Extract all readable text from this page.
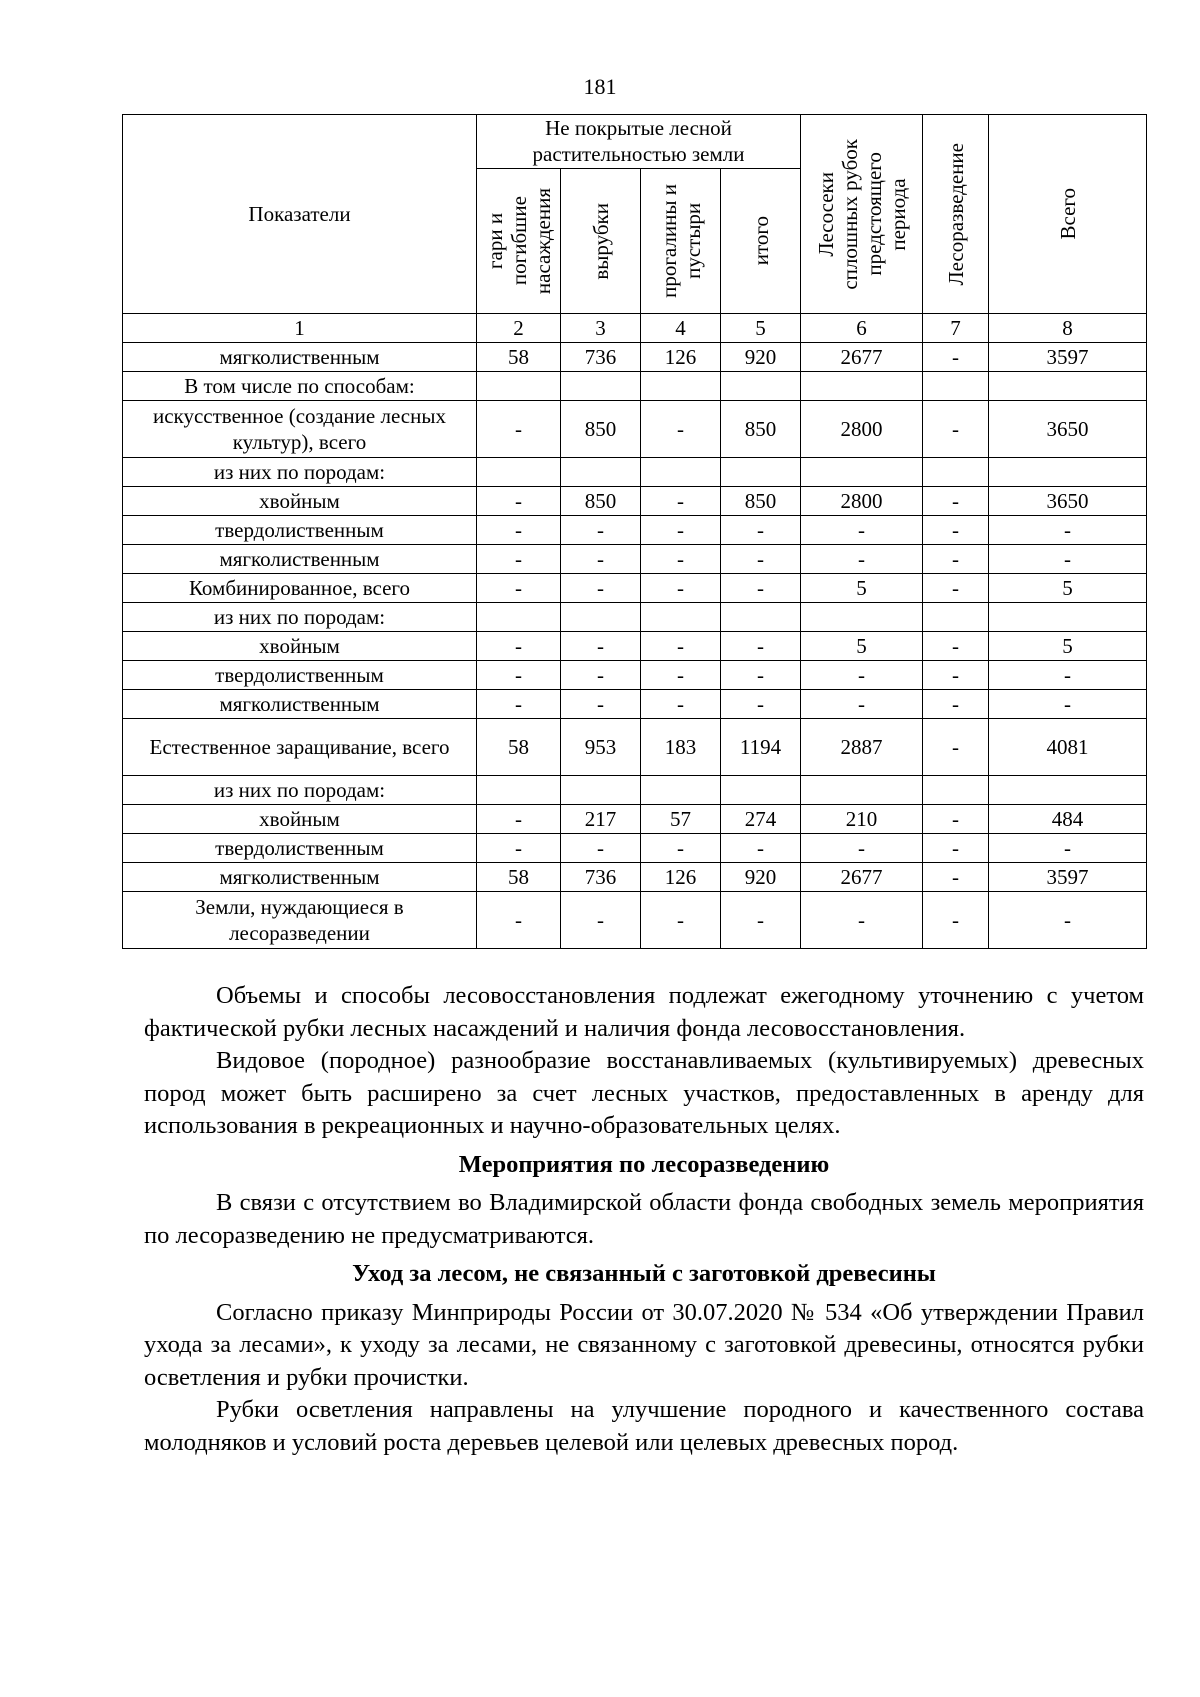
181
Показатели	Не покрытые лесной растительностью земли				Лесосеки
сплошных рубок
предстоящего
периода	Лесоразведение	Всего

	гари и
погибшие
насаждения	вырубки	прогалины и
пустыри	итого			

1	2	3	4	5	6	7	8
мягколиственным	58	736	126	920	2677	-	3597
В том числе по способам:							
искусственное (создание лесных культур), всего	-	850	-	850	2800	-	3650
из них по породам:							
хвойным	-	850	-	850	2800	-	3650
твердолиственным	-	-	-	-	-	-	-
мягколиственным	-	-	-	-	-	-	-
Комбинированное, всего	-	-	-	-	5	-	5
из них по породам:							
хвойным	-	-	-	-	5	-	5
твердолиственным	-	-	-	-	-	-	-
мягколиственным	-	-	-	-	-	-	-
Естественное заращивание, всего	58	953	183	1194	2887	-	4081
из них по породам:							
хвойным	-	217	57	274	210	-	484
твердолиственным	-	-	-	-	-	-	-
мягколиственным	58	736	126	920	2677	-	3597
Земли, нуждающиеся в лесоразведении	-	-	-	-	-	-	-

Объемы и способы лесовосстановления подлежат ежегодному уточнению с учетом фактической рубки лесных насаждений и наличия фонда лесовосстановления.

Видовое (породное) разнообразие восстанавливаемых (культивируемых) древесных пород может быть расширено за счет лесных участков, предоставленных в аренду для использования в рекреационных и научно-образовательных целях.

Мероприятия по лесоразведению

В связи с отсутствием во Владимирской области фонда свободных земель мероприятия по лесоразведению не предусматриваются.

Уход за лесом, не связанный с заготовкой древесины

Согласно приказу Минприроды России от 30.07.2020 № 534 «Об утверждении Правил ухода за лесами», к уходу за лесами, не связанному с заготовкой древесины, относятся рубки осветления и рубки прочистки.

Рубки осветления направлены на улучшение породного и качественного состава молодняков и условий роста деревьев целевой или целевых древесных пород.
